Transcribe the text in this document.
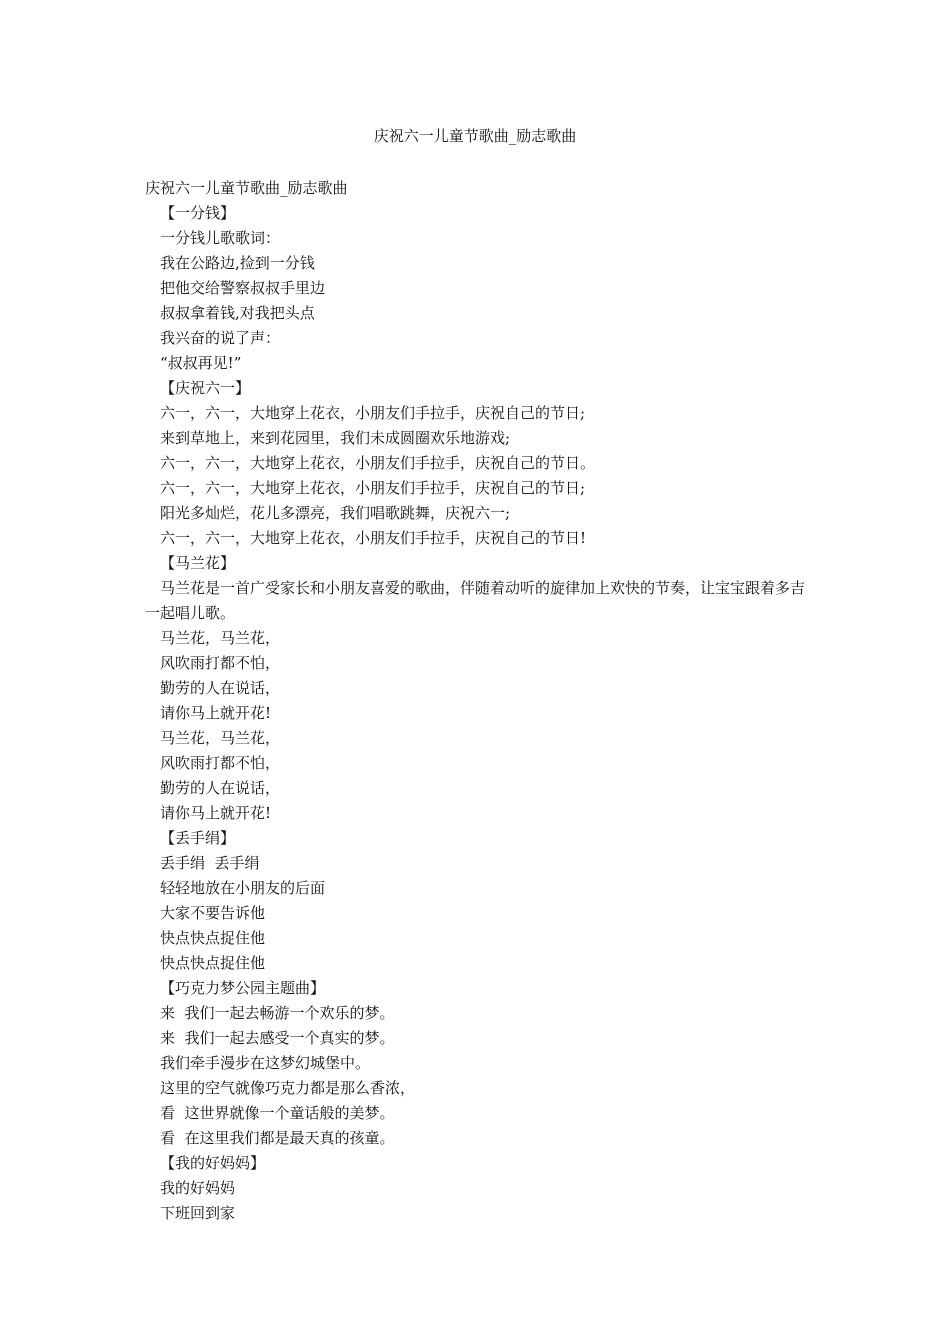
庆祝六一儿童节歌曲_励志歌曲
庆祝六一儿童节歌曲_励志歌曲
【一分钱】
一分钱儿歌歌词：
我在公路边,捡到一分钱
把他交给警察叔叔手里边
叔叔拿着钱,对我把头点
我兴奋的说了声：
“叔叔再见!”
【庆祝六一】
六一，六一，大地穿上花衣，小朋友们手拉手，庆祝自己的节日;
来到草地上，来到花园里，我们未成圆圈欢乐地游戏;
六一，六一，大地穿上花衣，小朋友们手拉手，庆祝自己的节日。
六一，六一，大地穿上花衣，小朋友们手拉手，庆祝自己的节日;
阳光多灿烂，花儿多漂亮，我们唱歌跳舞，庆祝六一;
六一，六一，大地穿上花衣，小朋友们手拉手，庆祝自己的节日!
【马兰花】
马兰花是一首广受家长和小朋友喜爱的歌曲，伴随着动听的旋律加上欢快的节奏，让宝宝跟着多吉一起唱儿歌。
马兰花，马兰花，
风吹雨打都不怕，
勤劳的人在说话，
请你马上就开花!
马兰花，马兰花，
风吹雨打都不怕，
勤劳的人在说话，
请你马上就开花!
【丢手绢】
丢手绢  丢手绢
轻轻地放在小朋友的后面
大家不要告诉他
快点快点捉住他
快点快点捉住他
【巧克力梦公园主题曲】
来  我们一起去畅游一个欢乐的梦。
来  我们一起去感受一个真实的梦。
我们牵手漫步在这梦幻城堡中。
这里的空气就像巧克力都是那么香浓，
看  这世界就像一个童话般的美梦。
看  在这里我们都是最天真的孩童。
【我的好妈妈】
我的好妈妈
下班回到家
